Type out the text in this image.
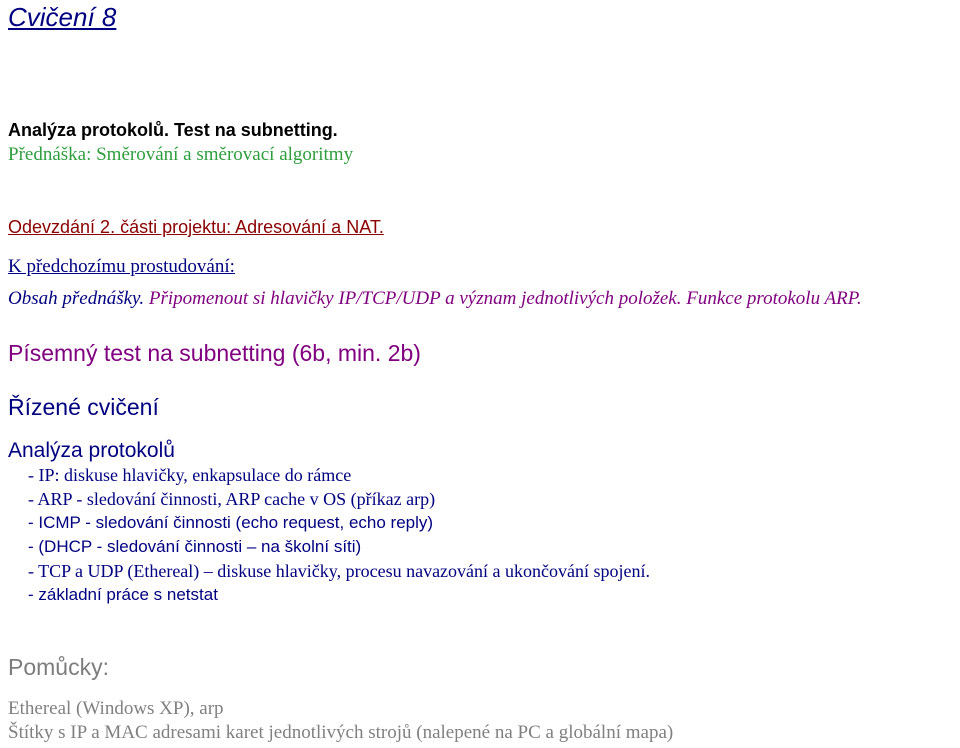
Cvičení 8
Analýza protokolů. Test na subnetting.
Přednáška: Směrování a směrovací algoritmy
Odevzdání 2. části projektu: Adresování a NAT.
K předchozímu prostudování:
Obsah přednášky. Připomenout si hlavičky IP/TCP/UDP a význam jednotlivých položek. Funkce protokolu ARP.
Písemný test na subnetting (6b, min. 2b)
Řízené cvičení
Analýza protokolů
- IP: diskuse hlavičky, enkapsulace do rámce
- ARP - sledování činnosti, ARP cache v OS (příkaz arp)
- ICMP - sledování činnosti (echo request, echo reply)
- (DHCP - sledování činnosti – na školní síti)
- TCP a UDP (Ethereal) – diskuse hlavičky, procesu navazování a ukončování spojení.
- základní práce s netstat
Pomůcky:
Ethereal (Windows XP), arp
Štítky s IP a MAC adresami karet jednotlivých strojů (nalepené na PC a globální mapa)
